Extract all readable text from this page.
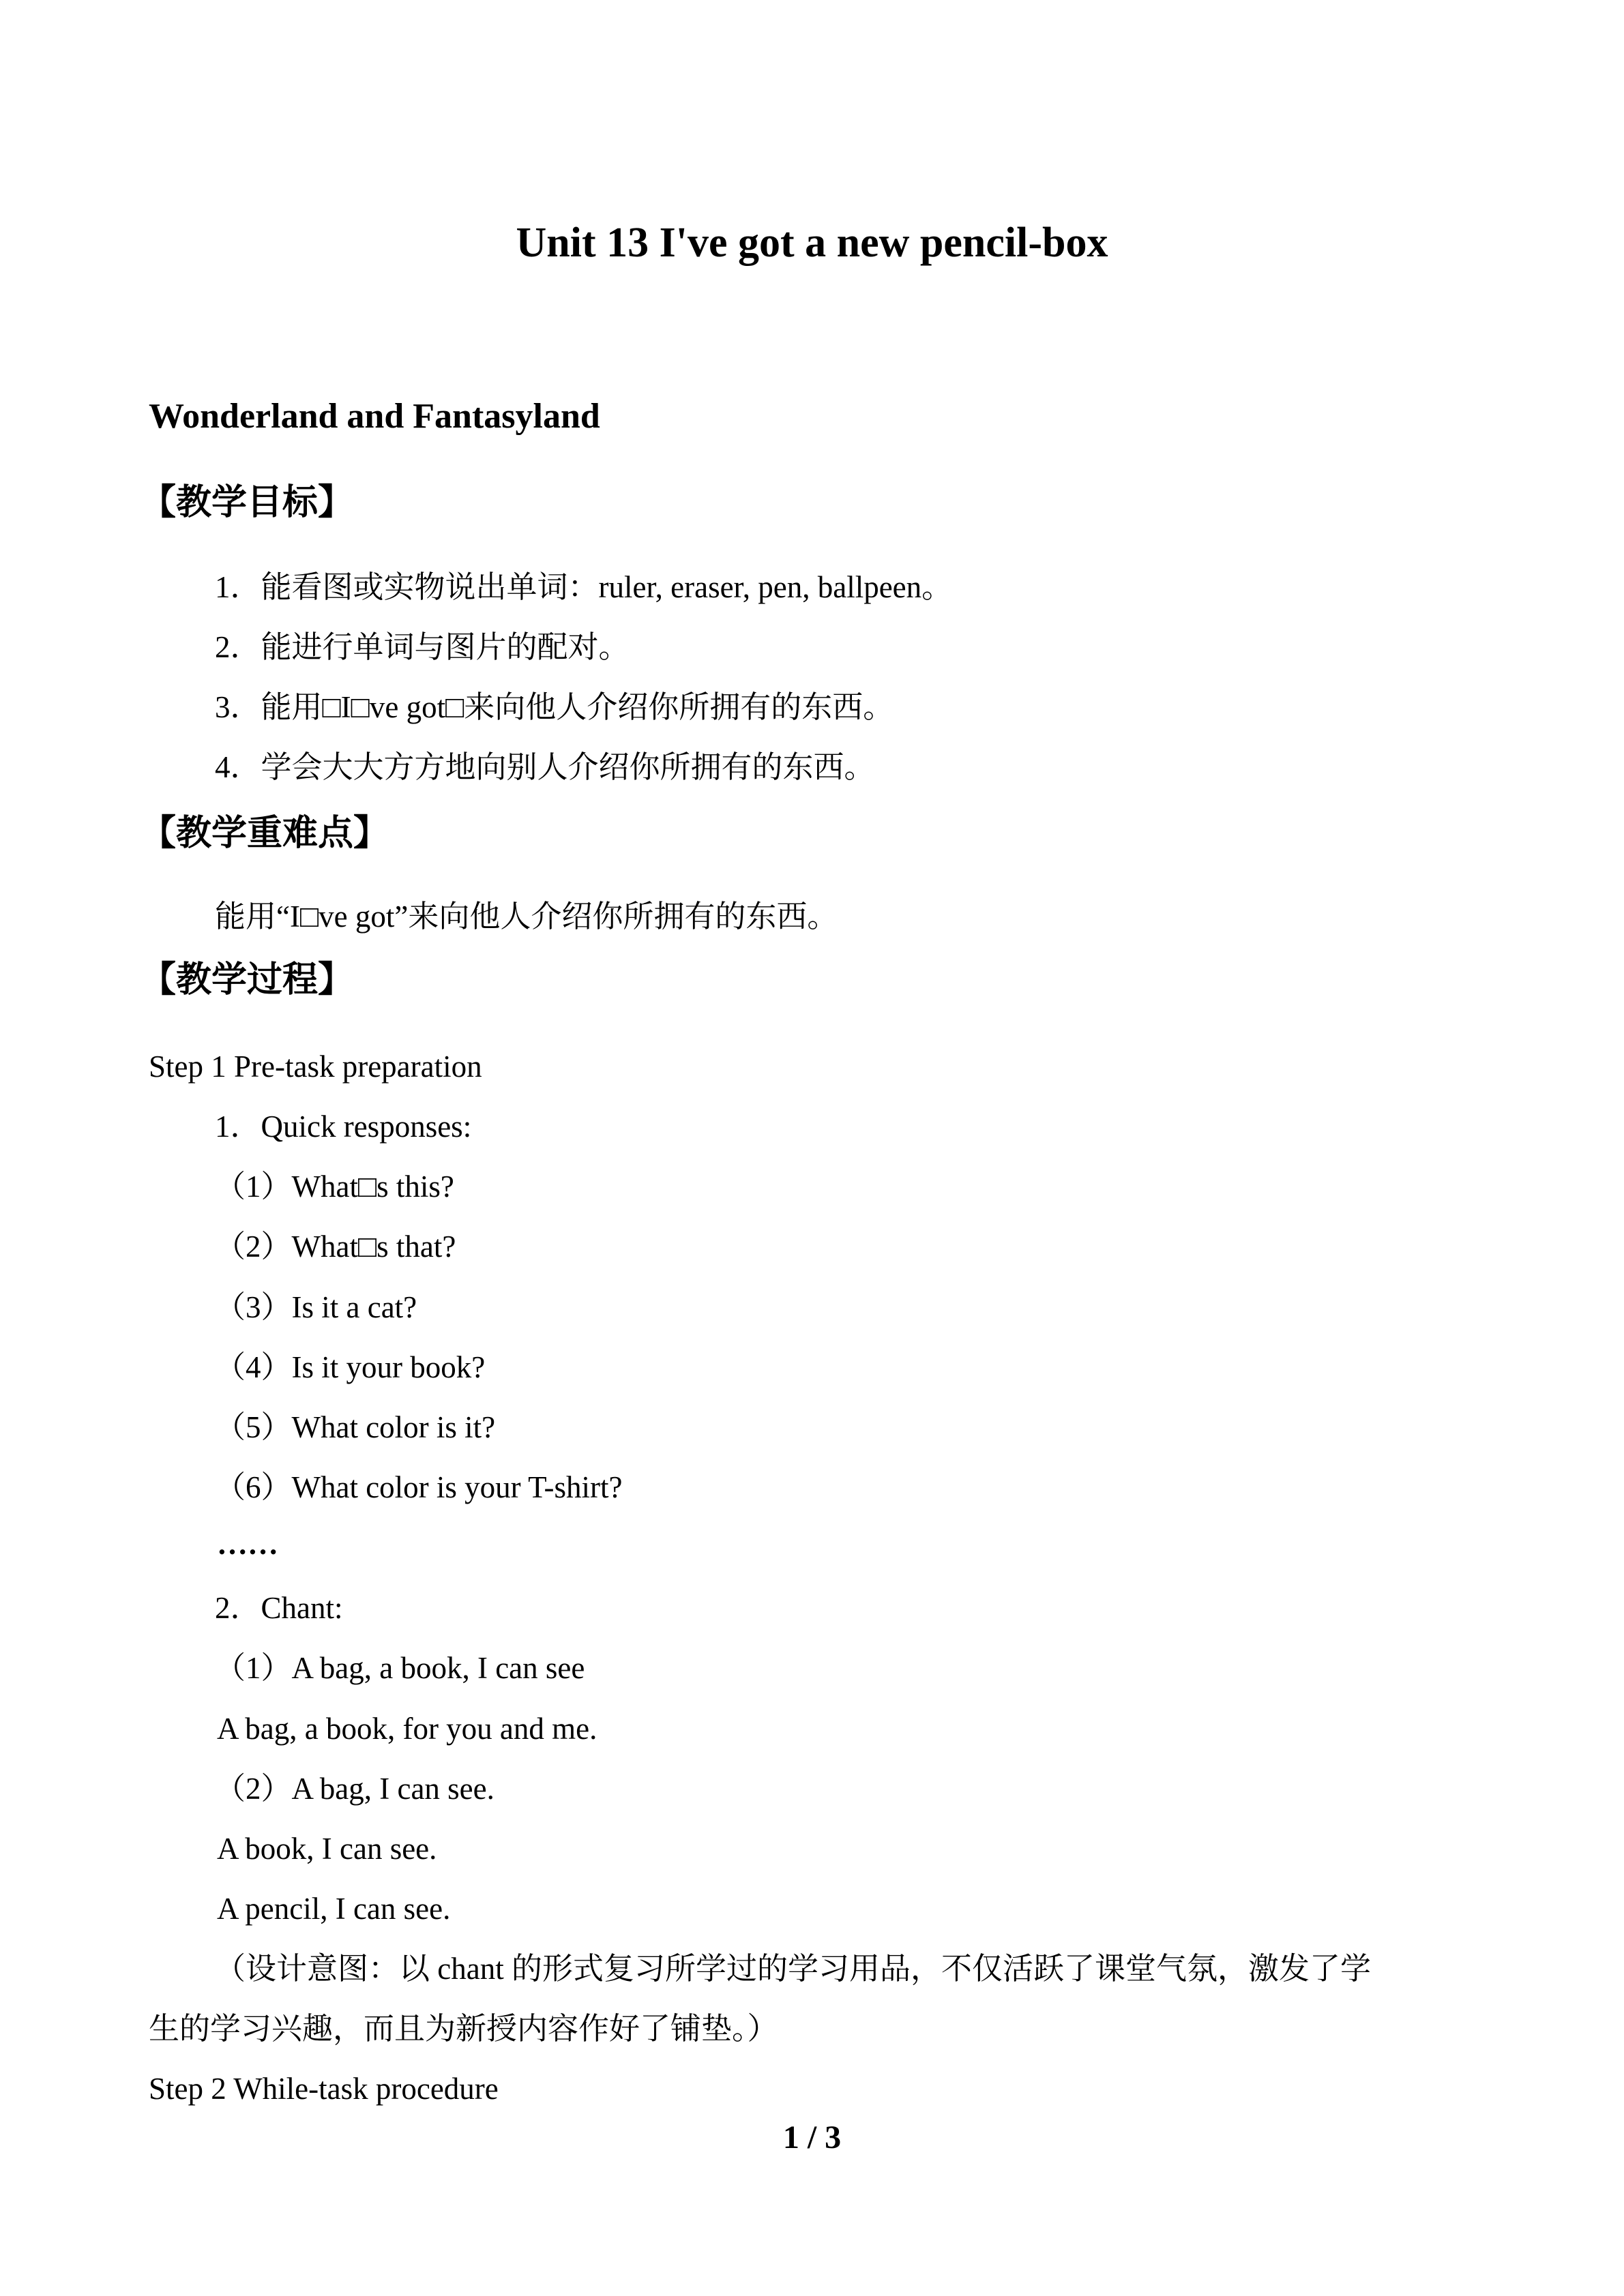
Unit 13 I've got a new pencil-box
Wonderland and Fantasyland
【教学目标】
1．能看图或实物说出单词：ruler, eraser, pen, ballpeen。
2．能进行单词与图片的配对。
3．能用□I□ve got□来向他人介绍你所拥有的东西。
4．学会大大方方地向别人介绍你所拥有的东西。
【教学重难点】
能用“I□ve got”来向他人介绍你所拥有的东西。
【教学过程】
Step 1 Pre-task preparation
1．Quick responses:
（1）What□s this?
（2）What□s that?
（3）Is it a cat?
（4）Is it your book?
（5）What color is it?
（6）What color is your T-shirt?
……
2．Chant:
（1）A bag, a book, I can see
A bag, a book, for you and me.
（2）A bag, I can see.
A book, I can see.
A pencil, I can see.
（设计意图：以 chant 的形式复习所学过的学习用品，不仅活跃了课堂气氛，激发了学
生的学习兴趣，而且为新授内容作好了铺垫。）
Step 2 While-task procedure
1 / 3
